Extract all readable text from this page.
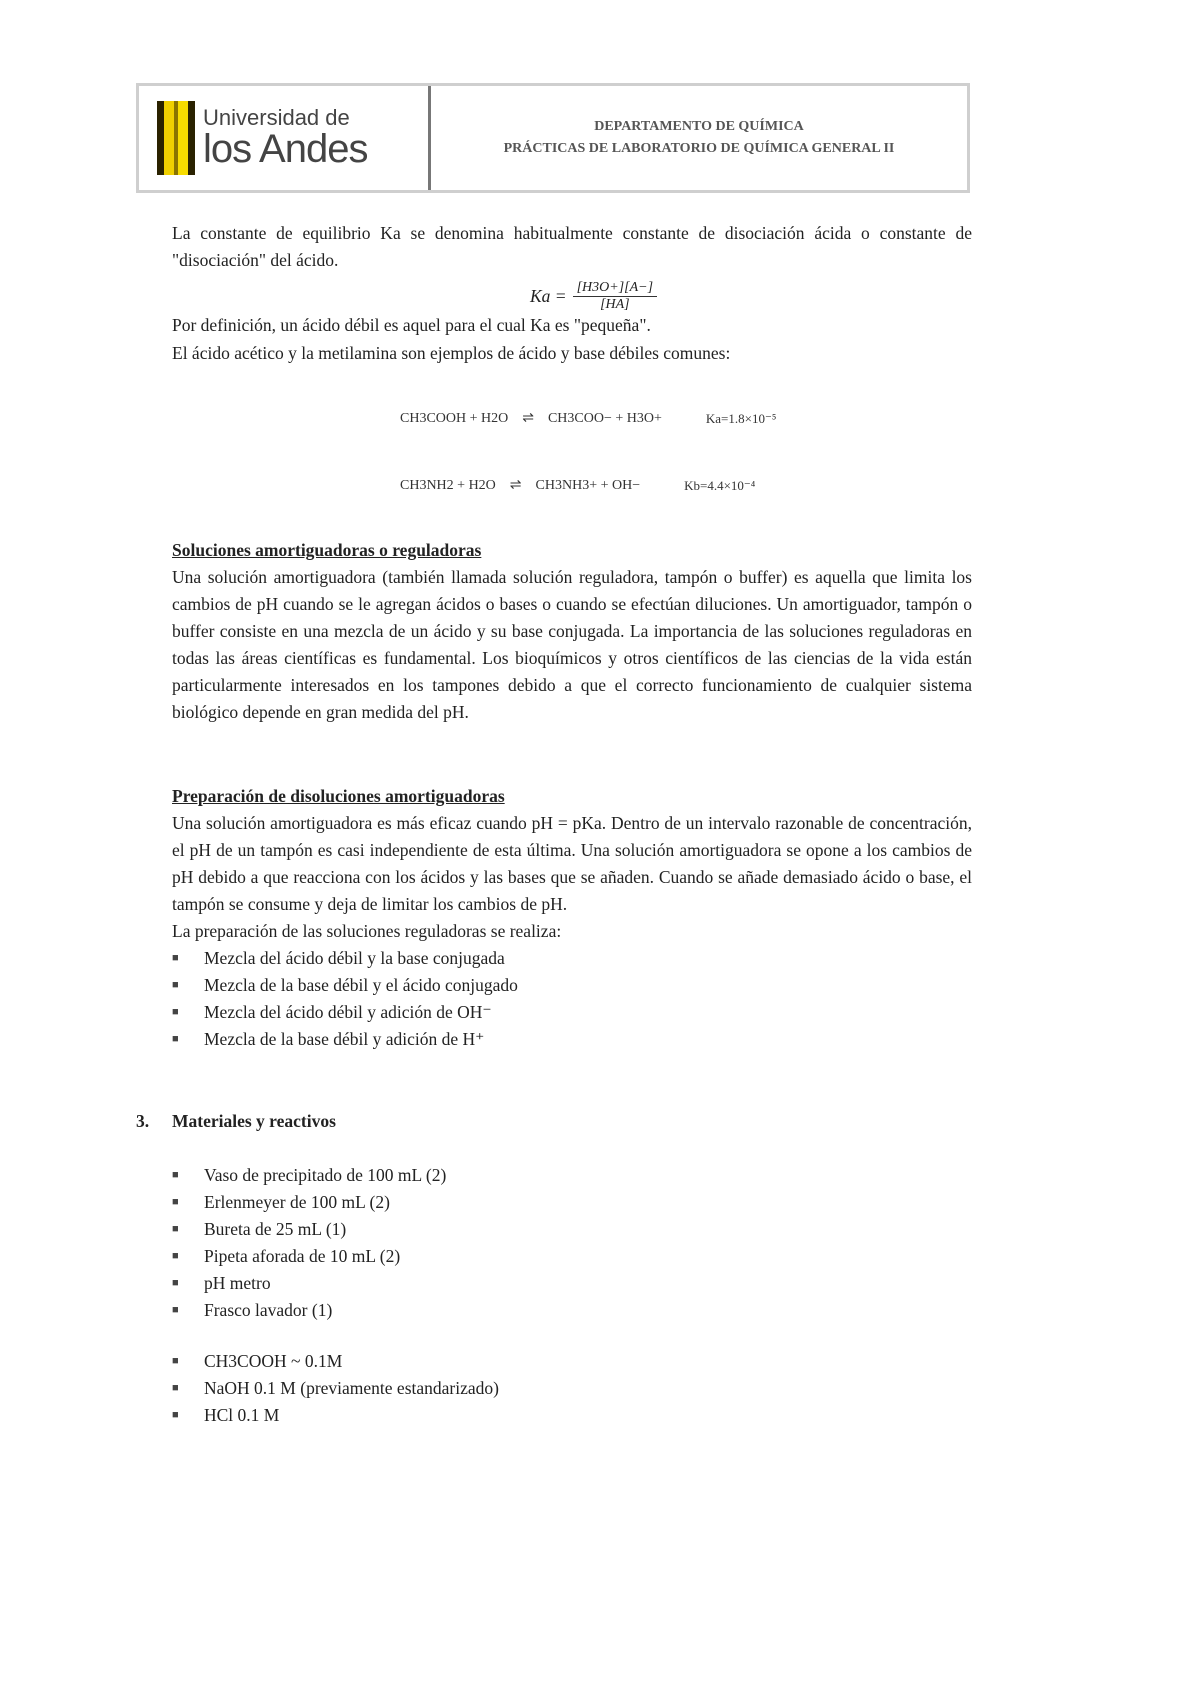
Universidad de
los Andes
DEPARTAMENTO DE QUÍMICA
PRÁCTICAS DE LABORATORIO DE QUÍMICA GENERAL II
La constante de equilibrio Ka se denomina habitualmente constante de disociación ácida o constante de "disociación" del ácido.
$Ka = \frac{[H3O+][A-]}{[HA]}$
Por definición, un ácido débil es aquel para el cual Ka es "pequeña".
El ácido acético y la metilamina son ejemplos de ácido y base débiles comunes:
CH3COOH + H2O ⇌ CH3COO− + H3O+	Ka=1.8×10⁻⁵
CH3NH2 + H2O ⇌ CH3NH3+ + OH−	Kb=4.4×10⁻⁴
Soluciones amortiguadoras o reguladoras
Una solución amortiguadora (también llamada solución reguladora, tampón o buffer) es aquella que limita los cambios de pH cuando se le agregan ácidos o bases o cuando se efectúan diluciones. Un amortiguador, tampón o buffer consiste en una mezcla de un ácido y su base conjugada. La importancia de las soluciones reguladoras en todas las áreas científicas es fundamental. Los bioquímicos y otros científicos de las ciencias de la vida están particularmente interesados en los tampones debido a que el correcto funcionamiento de cualquier sistema biológico depende en gran medida del pH.
Preparación de disoluciones amortiguadoras
Una solución amortiguadora es más eficaz cuando pH = pKa. Dentro de un intervalo razonable de concentración, el pH de un tampón es casi independiente de esta última. Una solución amortiguadora se opone a los cambios de pH debido a que reacciona con los ácidos y las bases que se añaden. Cuando se añade demasiado ácido o base, el tampón se consume y deja de limitar los cambios de pH.
La preparación de las soluciones reguladoras se realiza:
■ Mezcla del ácido débil y la base conjugada
■ Mezcla de la base débil y el ácido conjugado
■ Mezcla del ácido débil y adición de OH⁻
■ Mezcla de la base débil y adición de H⁺
3. Materiales y reactivos
■ Vaso de precipitado de 100 mL (2)
■ Erlenmeyer de 100 mL (2)
■ Bureta de 25 mL (1)
■ Pipeta aforada de 10 mL (2)
■ pH metro
■ Frasco lavador (1)
■ CH3COOH ~ 0.1M
■ NaOH 0.1 M (previamente estandarizado)
■ HCl 0.1 M
